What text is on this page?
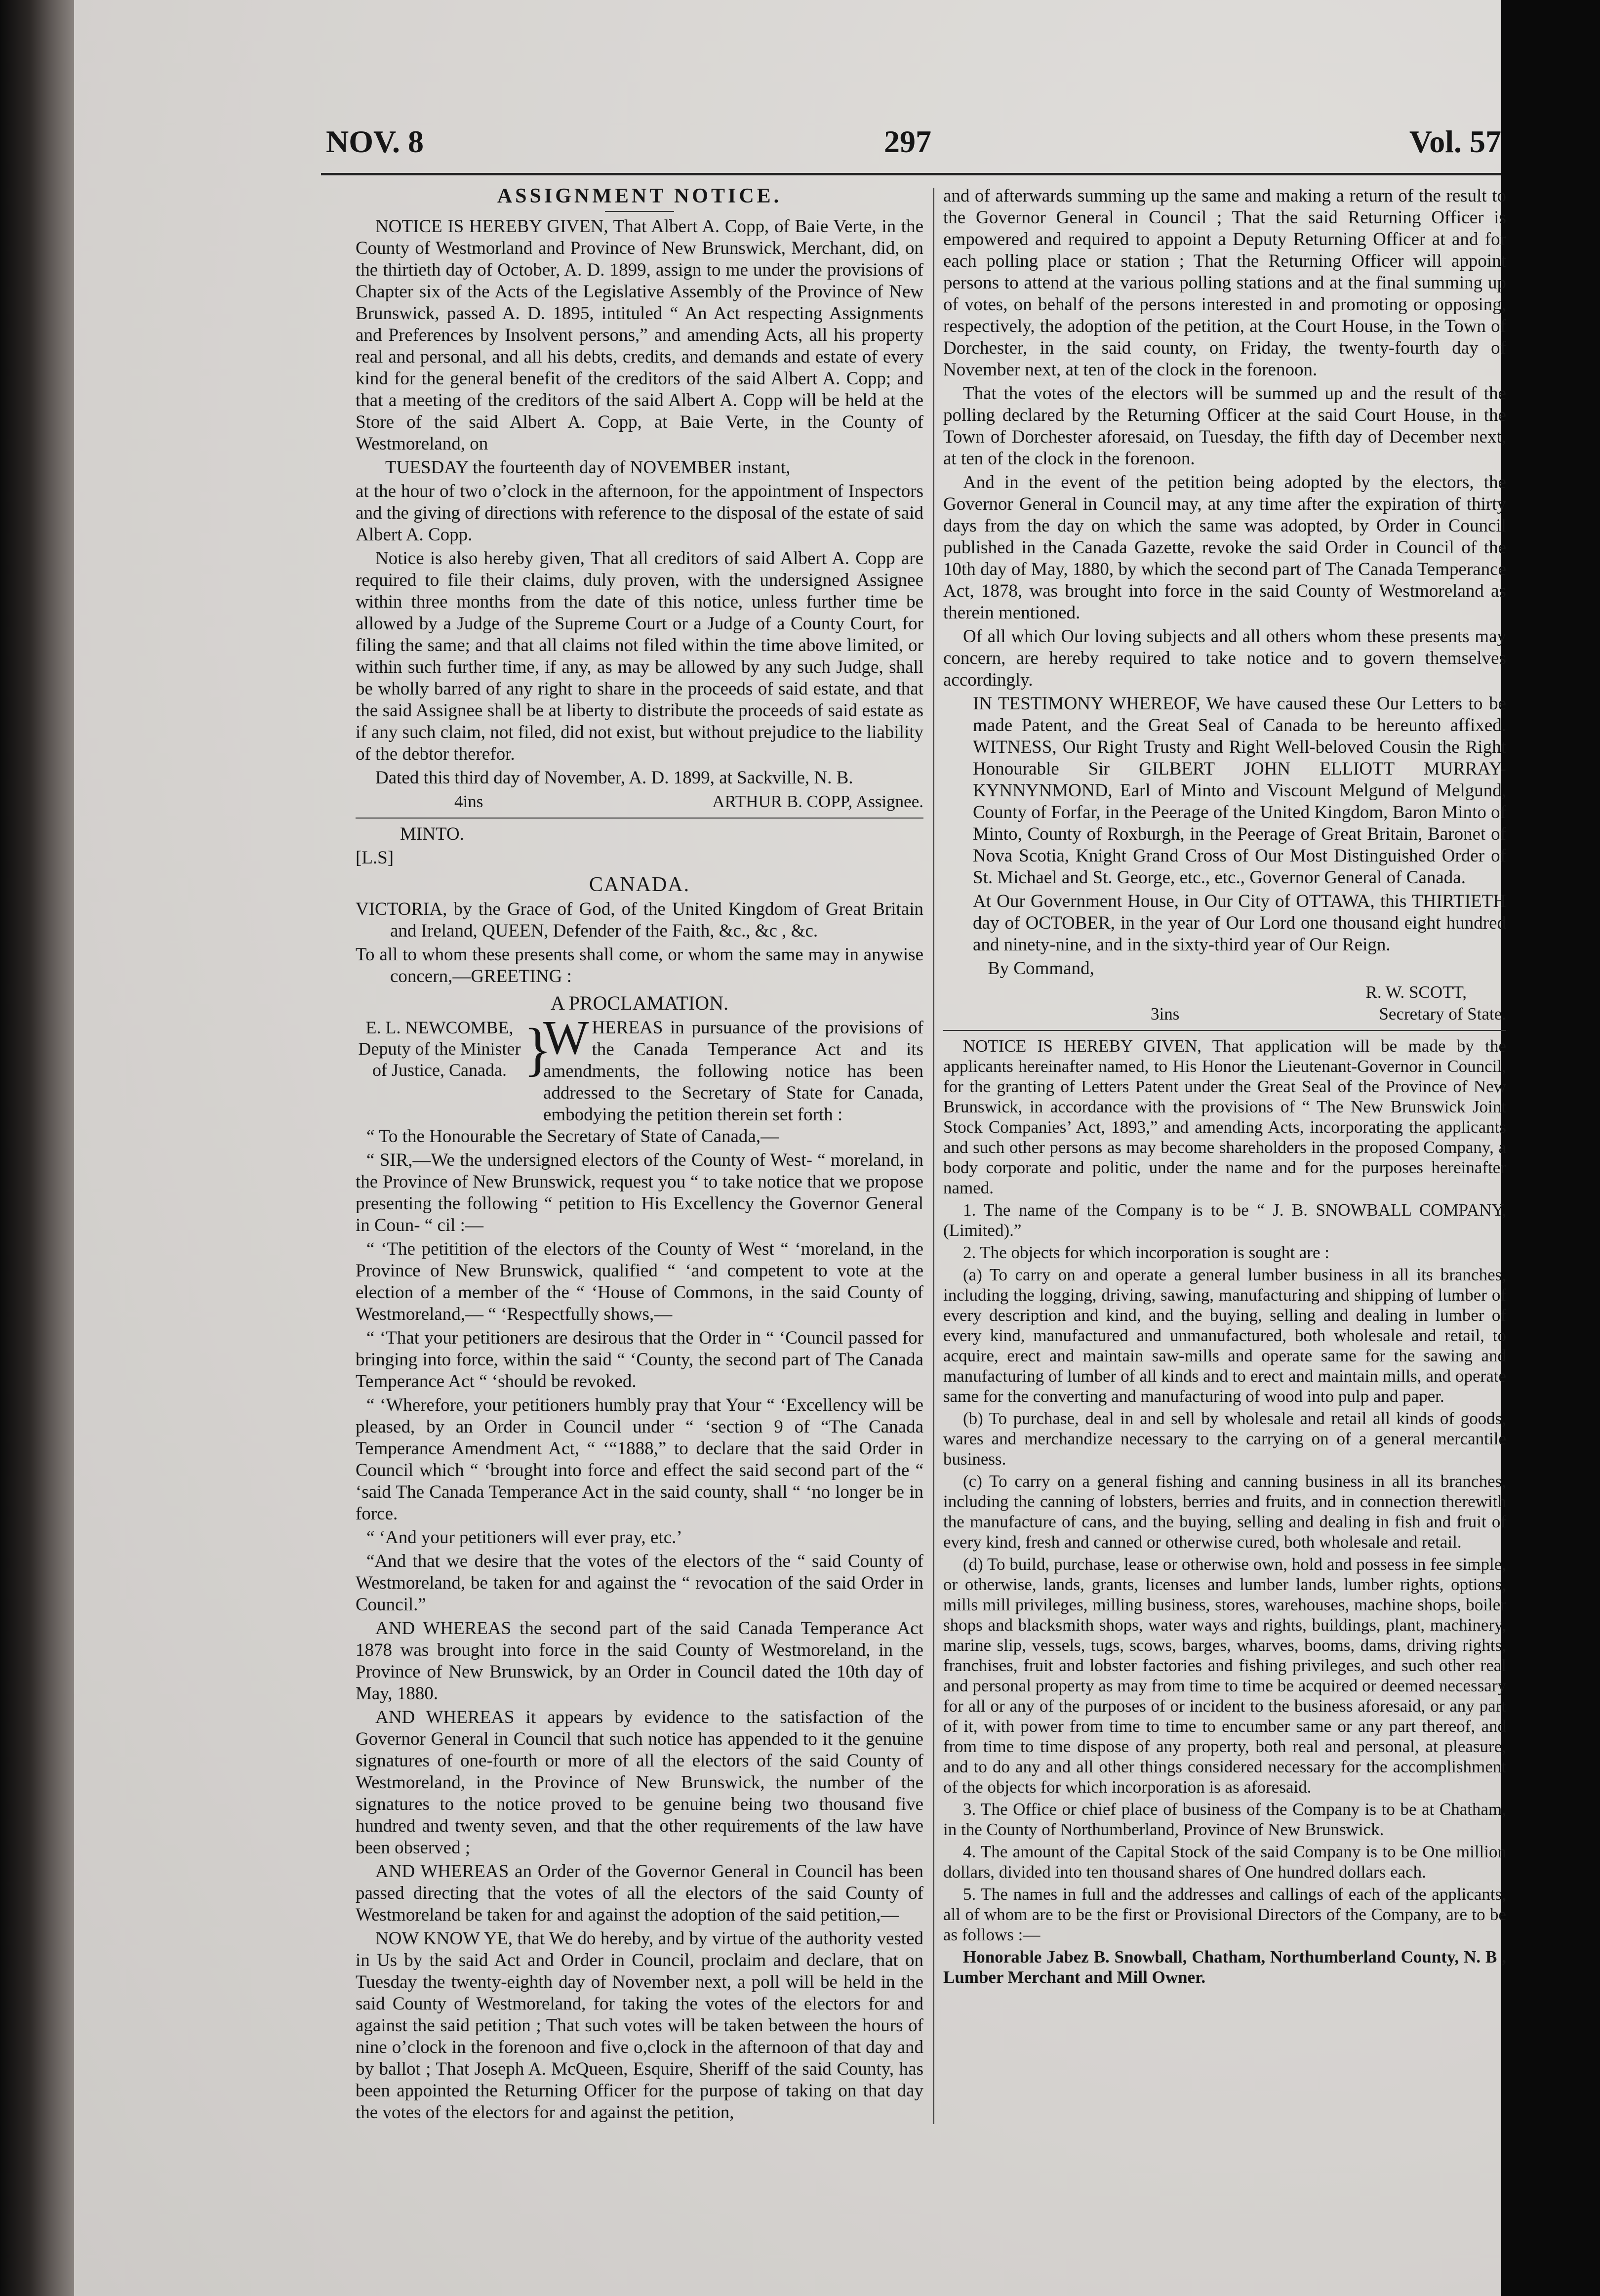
NOV. 8	297	Vol. 57
ASSIGNMENT NOTICE.

NOTICE IS HEREBY GIVEN, That Albert A. Copp, of Baie Verte, in the County of Westmorland and Province of New Brunswick, Merchant, did, on the thirtieth day of October, A. D. 1899, assign to me under the provisions of Chapter six of the Acts of the Legislative Assembly of the Province of New Brunswick, passed A. D. 1895, intituled “ An Act respecting Assignments and Preferences by Insolvent persons,” and amending Acts, all his property real and personal, and all his debts, credits, and demands and estate of every kind for the general benefit of the creditors of the said Albert A. Copp; and that a meeting of the creditors of the said Albert A. Copp will be held at the Store of the said Albert A. Copp, at Baie Verte, in the County of Westmoreland, on

TUESDAY the fourteenth day of NOVEMBER instant,

at the hour of two o’clock in the afternoon, for the appointment of Inspectors and the giving of directions with reference to the disposal of the estate of said Albert A. Copp.

Notice is also hereby given, That all creditors of said Albert A. Copp are required to file their claims, duly proven, with the undersigned Assignee within three months from the date of this notice, unless further time be allowed by a Judge of the Supreme Court or a Judge of a County Court, for filing the same; and that all claims not filed within the time above limited, or within such further time, if any, as may be allowed by any such Judge, shall be wholly barred of any right to share in the proceeds of said estate, and that the said Assignee shall be at liberty to distribute the proceeds of said estate as if any such claim, not filed, did not exist, but without prejudice to the liability of the debtor therefor.

Dated this third day of November, A. D. 1899, at Sackville, N. B.

4ins	ARTHUR B. COPP, Assignee.

MINTO.

[L.S]

CANADA.

VICTORIA, by the Grace of God, of the United Kingdom of Great Britain and Ireland, QUEEN, Defender of the Faith, &c., &c , &c.

To all to whom these presents shall come, or whom the same may in anywise concern,—GREETING :

A PROCLAMATION.
E. L. NEWCOMBE, Deputy of the Minister of Justice, Canada. }
W HEREAS in pursuance of the provisions of the Canada Temperance Act and its amendments, the following notice has been addressed to the Secretary of State for Canada, embodying the petition therein set forth :

“ To the Honourable the Secretary of State of Canada,—

“ SIR,—We the undersigned electors of the County of West- “ moreland, in the Province of New Brunswick, request you “ to take notice that we propose presenting the following “ petition to His Excellency the Governor General in Coun- “ cil :—

“ ‘The petitition of the electors of the County of West “ ‘moreland, in the Province of New Brunswick, qualified “ ‘and competent to vote at the election of a member of the “ ‘House of Commons, in the said County of Westmoreland,— “ ‘Respectfully shows,—

“ ‘That your petitioners are desirous that the Order in “ ‘Council passed for bringing into force, within the said “ ‘County, the second part of The Canada Temperance Act “ ‘should be revoked.

“ ‘Wherefore, your petitioners humbly pray that Your “ ‘Excellency will be pleased, by an Order in Council under “ ‘section 9 of “The Canada Temperance Amendment Act, “ ‘“1888,” to declare that the said Order in Council which “ ‘brought into force and effect the said second part of the “ ‘said The Canada Temperance Act in the said county, shall “ ‘no longer be in force.

“ ‘And your petitioners will ever pray, etc.’

“And that we desire that the votes of the electors of the “ said County of Westmoreland, be taken for and against the “ revocation of the said Order in Council.”

AND WHEREAS the second part of the said Canada Temperance Act 1878 was brought into force in the said County of Westmoreland, in the Province of New Brunswick, by an Order in Council dated the 10th day of May, 1880.

AND WHEREAS it appears by evidence to the satisfaction of the Governor General in Council that such notice has appended to it the genuine signatures of one-fourth or more of all the electors of the said County of Westmoreland, in the Province of New Brunswick, the number of the signatures to the notice proved to be genuine being two thousand five hundred and twenty seven, and that the other requirements of the law have been observed ;

AND WHEREAS an Order of the Governor General in Council has been passed directing that the votes of all the electors of the said County of Westmoreland be taken for and against the adoption of the said petition,—

NOW KNOW YE, that We do hereby, and by virtue of the authority vested in Us by the said Act and Order in Council, proclaim and declare, that on Tuesday the twenty-eighth day of November next, a poll will be held in the said County of Westmoreland, for taking the votes of the electors for and against the said petition ; That such votes will be taken between the hours of nine o’clock in the forenoon and five o,clock in the afternoon of that day and by ballot ; That Joseph A. McQueen, Esquire, Sheriff of the said County, has been appointed the Returning Officer for the purpose of taking on that day the votes of the electors for and against the petition,

and of afterwards summing up the same and making a return of the result to the Governor General in Council ; That the said Returning Officer is empowered and required to appoint a Deputy Returning Officer at and for each polling place or station ; That the Returning Officer will appoint persons to attend at the various polling stations and at the final summing up of votes, on behalf of the persons interested in and promoting or opposing, respectively, the adoption of the petition, at the Court House, in the Town of Dorchester, in the said county, on Friday, the twenty-fourth day of November next, at ten of the clock in the forenoon.

That the votes of the electors will be summed up and the result of the polling declared by the Returning Officer at the said Court House, in the Town of Dorchester aforesaid, on Tuesday, the fifth day of December next, at ten of the clock in the forenoon.

And in the event of the petition being adopted by the electors, the Governor General in Council may, at any time after the expiration of thirty days from the day on which the same was adopted, by Order in Council published in the Canada Gazette, revoke the said Order in Council of the 10th day of May, 1880, by which the second part of The Canada Temperance Act, 1878, was brought into force in the said County of Westmoreland as therein mentioned.

Of all which Our loving subjects and all others whom these presents may concern, are hereby required to take notice and to govern themselves accordingly.

IN TESTIMONY WHEREOF, We have caused these Our Letters to be made Patent, and the Great Seal of Canada to be hereunto affixed. WITNESS, Our Right Trusty and Right Well-beloved Cousin the Right Honourable Sir GILBERT JOHN ELLIOTT MURRAY-KYNNYNMOND, Earl of Minto and Viscount Melgund of Melgund, County of Forfar, in the Peerage of the United Kingdom, Baron Minto of Minto, County of Roxburgh, in the Peerage of Great Britain, Baronet of Nova Scotia, Knight Grand Cross of Our Most Distinguished Order of St. Michael and St. George, etc., etc., Governor General of Canada.

At Our Government House, in Our City of OTTAWA, this THIRTIETH day of OCTOBER, in the year of Our Lord one thousand eight hundred and ninety-nine, and in the sixty-third year of Our Reign.

By Command,

R. W. SCOTT,
3ins	Secretary of State.

NOTICE IS HEREBY GIVEN, That application will be made by the applicants hereinafter named, to His Honor the Lieutenant-Governor in Council, for the granting of Letters Patent under the Great Seal of the Province of New Brunswick, in accordance with the provisions of “ The New Brunswick Joint Stock Companies’ Act, 1893,” and amending Acts, incorporating the applicants and such other persons as may become shareholders in the proposed Company, a body corporate and politic, under the name and for the purposes hereinafter named.

1. The name of the Company is to be “ J. B. SNOWBALL COMPANY, (Limited).”

2. The objects for which incorporation is sought are :

(a) To carry on and operate a general lumber business in all its branches, including the logging, driving, sawing, manufacturing and shipping of lumber of every description and kind, and the buying, selling and dealing in lumber of every kind, manufactured and unmanufactured, both wholesale and retail, to acquire, erect and maintain saw-mills and operate same for the sawing and manufacturing of lumber of all kinds and to erect and maintain mills, and operate same for the converting and manufacturing of wood into pulp and paper.

(b) To purchase, deal in and sell by wholesale and retail all kinds of goods, wares and merchandize necessary to the carrying on of a general mercantile business.

(c) To carry on a general fishing and canning business in all its branches, including the canning of lobsters, berries and fruits, and in connection therewith the manufacture of cans, and the buying, selling and dealing in fish and fruit of every kind, fresh and canned or otherwise cured, both wholesale and retail.

(d) To build, purchase, lease or otherwise own, hold and possess in fee simple, or otherwise, lands, grants, licenses and lumber lands, lumber rights, options, mills mill privileges, milling business, stores, warehouses, machine shops, boiler shops and blacksmith shops, water ways and rights, buildings, plant, machinery, marine slip, vessels, tugs, scows, barges, wharves, booms, dams, driving rights, franchises, fruit and lobster factories and fishing privileges, and such other real and personal property as may from time to time be acquired or deemed necessary for all or any of the purposes of or incident to the business aforesaid, or any part of it, with power from time to time to encumber same or any part thereof, and from time to time dispose of any property, both real and personal, at pleasure, and to do any and all other things considered necessary for the accomplishment of the objects for which incorporation is as aforesaid.

3. The Office or chief place of business of the Company is to be at Chatham, in the County of Northumberland, Province of New Brunswick.

4. The amount of the Capital Stock of the said Company is to be One million dollars, divided into ten thousand shares of One hundred dollars each.

5. The names in full and the addresses and callings of each of the applicants, all of whom are to be the first or Provisional Directors of the Company, are to be as follows :—

Honorable Jabez B. Snowball, Chatham, Northumberland County, N. B , Lumber Merchant and Mill Owner.
